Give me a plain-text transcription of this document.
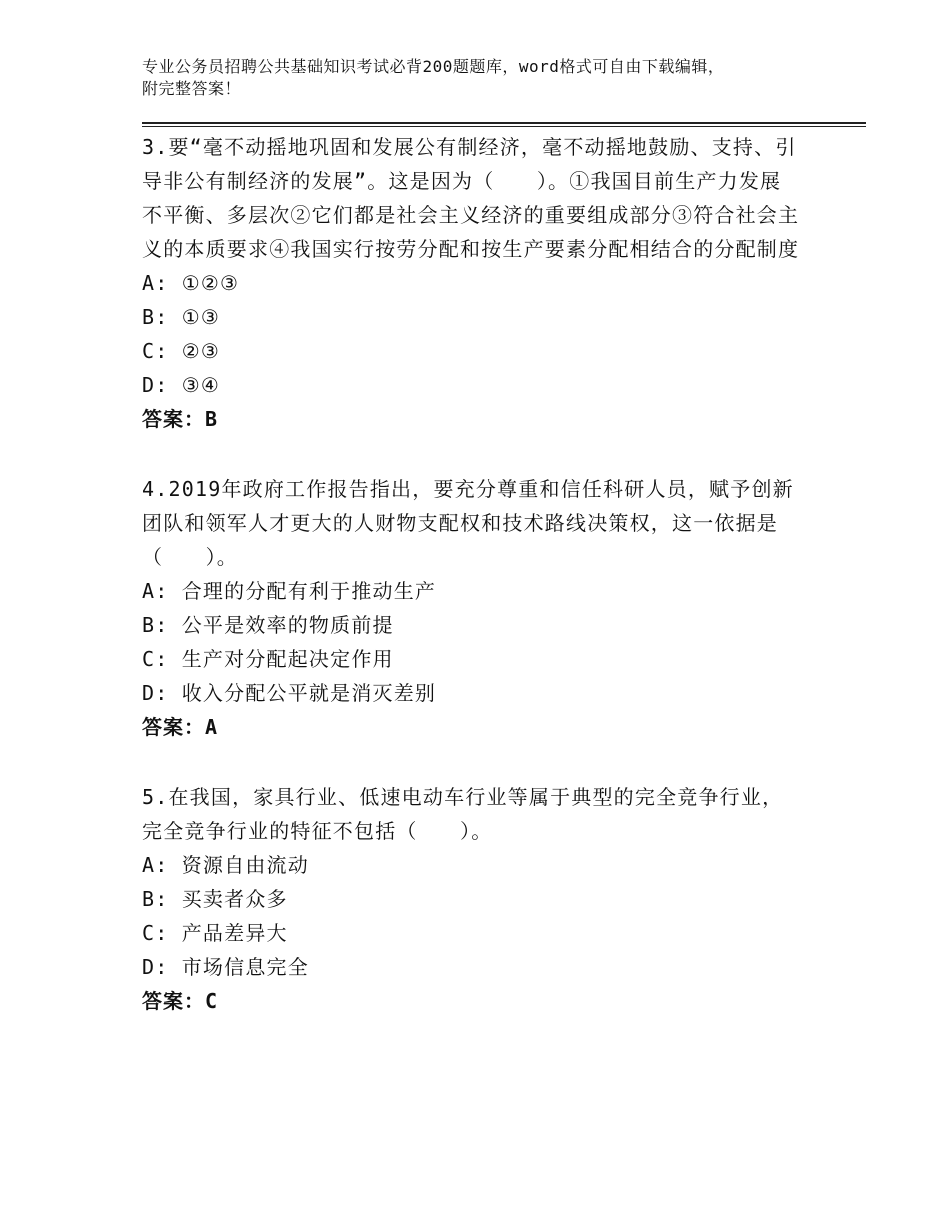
专业公务员招聘公共基础知识考试必背200题题库，word格式可自由下载编辑，
附完整答案！

3.要“毫不动摇地巩固和发展公有制经济，毫不动摇地鼓励、支持、引导非公有制经济的发展”。这是因为（　　）。①我国目前生产力发展不平衡、多层次②它们都是社会主义经济的重要组成部分③符合社会主义的本质要求④我国实行按劳分配和按生产要素分配相结合的分配制度

A: ①②③

B: ①③

C: ②③

D: ③④

答案：B

4.2019年政府工作报告指出，要充分尊重和信任科研人员，赋予创新团队和领军人才更大的人财物支配权和技术路线决策权，这一依据是（　　）。

A: 合理的分配有利于推动生产

B: 公平是效率的物质前提

C: 生产对分配起决定作用

D: 收入分配公平就是消灭差别

答案：A

5.在我国，家具行业、低速电动车行业等属于典型的完全竞争行业，完全竞争行业的特征不包括（　　）。

A: 资源自由流动

B: 买卖者众多

C: 产品差异大

D: 市场信息完全

答案：C
